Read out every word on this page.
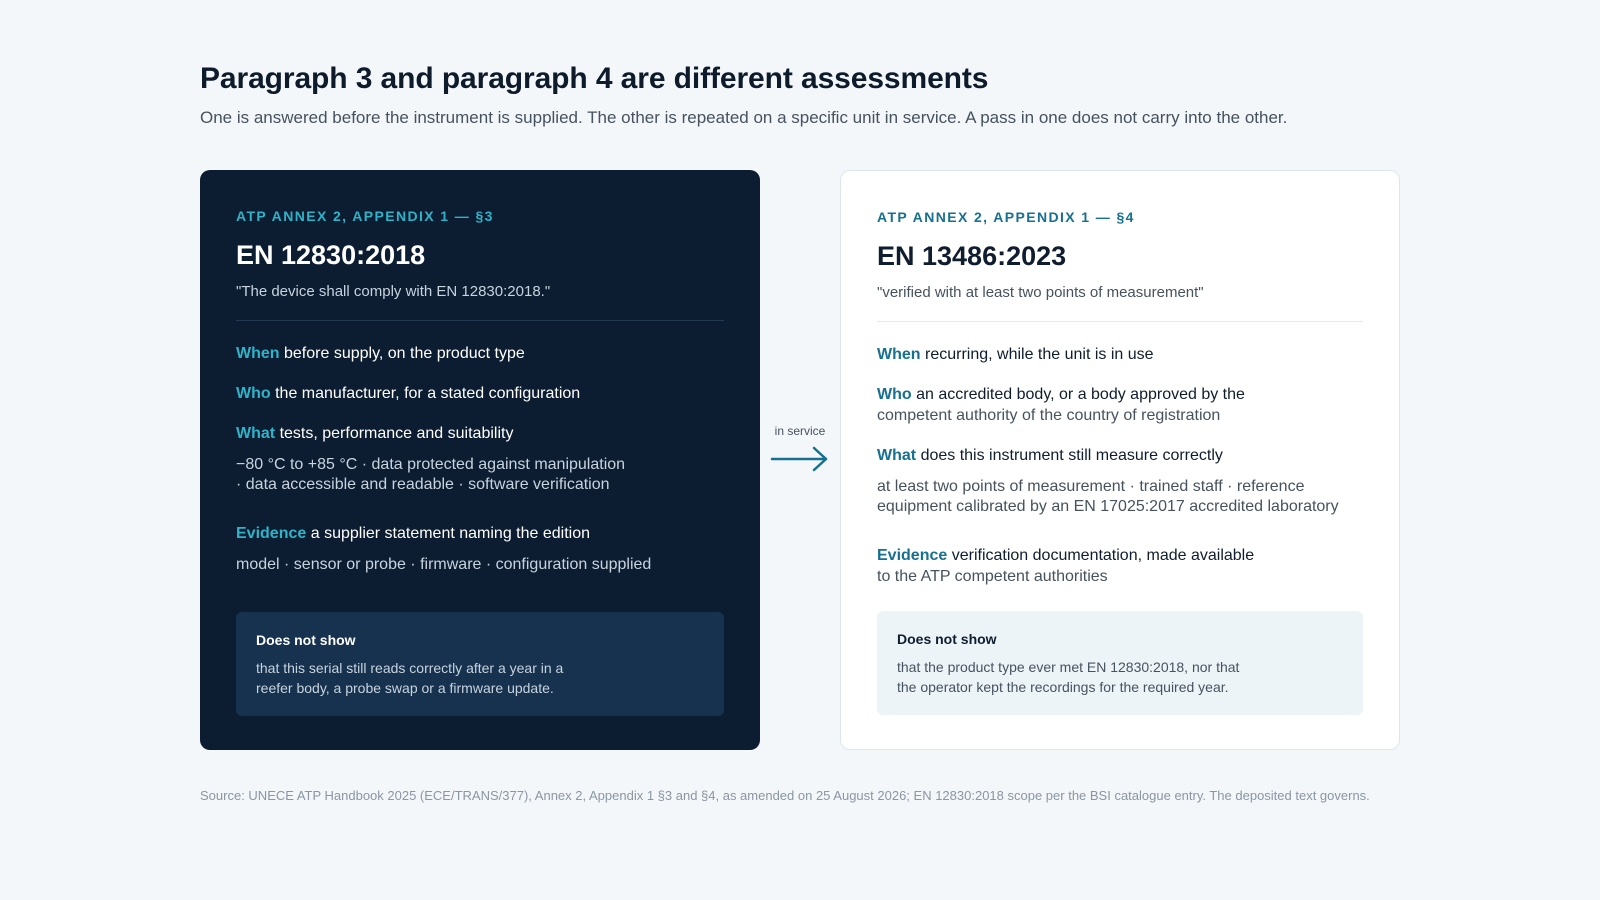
Paragraph 3 and paragraph 4 are different assessments

One is answered before the instrument is supplied. The other is repeated on a specific unit in service. A pass in one does not carry into the other.

ATP ANNEX 2, APPENDIX 1 — §3
EN 12830:2018

"The device shall comply with EN 12830:2018."

When before supply, on the product type

Who the manufacturer, for a stated configuration

What tests, performance and suitability

−80 °C to +85 °C · data protected against manipulation
· data accessible and readable · software verification

Evidence a supplier statement naming the edition

model · sensor or probe · firmware · configuration supplied

Does not show

that this serial still reads correctly after a year in a
reefer body, a probe swap or a firmware update.

in service
ATP ANNEX 2, APPENDIX 1 — §4
EN 13486:2023

"verified with at least two points of measurement"

When recurring, while the unit is in use

Who an accredited body, or a body approved by the
competent authority of the country of registration

What does this instrument still measure correctly

at least two points of measurement · trained staff · reference
equipment calibrated by an EN 17025:2017 accredited laboratory

Evidence verification documentation, made available
to the ATP competent authorities

Does not show

that the product type ever met EN 12830:2018, nor that
the operator kept the recordings for the required year.

Source: UNECE ATP Handbook 2025 (ECE/TRANS/377), Annex 2, Appendix 1 §3 and §4, as amended on 25 August 2026; EN 12830:2018 scope per the BSI catalogue entry. The deposited text governs.
